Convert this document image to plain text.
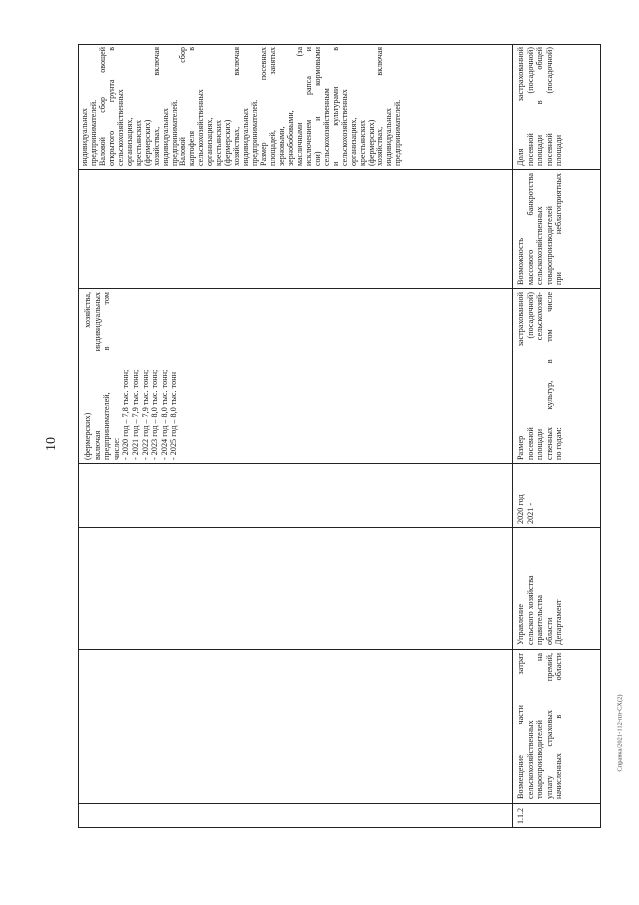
10
Справка/2021-112-пп-СХ(2)
(фермерских) хозяйства, включая индивидуальных предпринимателей, в том числе: - 2020 год – 7,8 тыс. тонн; - 2021 год – 7,9 тыс. тонн; - 2022 год – 7,9 тыс. тонн; - 2023 год – 8,0 тыс. тонн; - 2024 год – 8,0 тыс. тонн; - 2025 год – 8,0 тыс. тонн
индивидуальных предпринимателей. Валовой сбор овощей открытого грунта в сельскохозяйственных организациях, крестьянских (фермерских) хозяйствах, включая индивидуальных предпринимателей. Валовой сбор картофеля в сельскохозяйственных организациях, крестьянских (фермерских) хозяйствах, включая индивидуальных предпринимателей. Размер посевных площадей, занятых зерновыми, зернобобовыми, масличными (за исключением рапса и сои) и кормовыми сельскохозяйственным и культурами в сельскохозяйственных организациях, крестьянских (фермерских) хозяйствах, включая индивидуальных предпринимателей.
1.1.2
Возмещение части затрат сельскохозяйственных товаропроизводителей на уплату страховых премий, начисленных в области
Управление сельского хозяйства правительства области Департамент
2020 год 2021 -
Размер застрахованной посевной (посадочной) площади сельскохозяй- ственных культур, в том числе по годам:
Возможность массового банкротства сельскохозяйственных товаропроизводителей при неблагоприятных
Доля застрахованной посевной (посадочной) площади в общей посевной (посадочной) площади
